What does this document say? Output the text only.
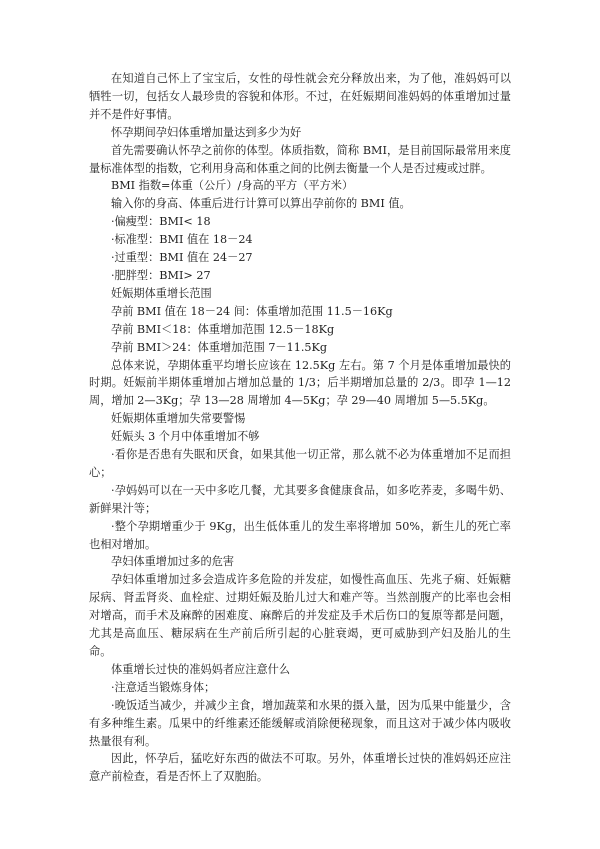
在知道自己怀上了宝宝后，女性的母性就会充分释放出来，为了他，准妈妈可以牺牲一切，包括女人最珍贵的容貌和体形。不过，在妊娠期间准妈妈的体重增加过量并不是件好事情。

怀孕期间孕妇体重增加量达到多少为好

首先需要确认怀孕之前你的体型。体质指数，简称 BMI，是目前国际最常用来度量标准体型的指数，它利用身高和体重之间的比例去衡量一个人是否过瘦或过胖。

BMI 指数=体重（公斤）/身高的平方（平方米）

输入你的身高、体重后进行计算可以算出孕前你的 BMI 值。

·偏瘦型：BMI< 18

·标准型：BMI 值在 18－24

·过重型：BMI 值在 24－27

·肥胖型：BMI> 27

妊娠期体重增长范围

孕前 BMI 值在 18－24 间：体重增加范围 11.5－16Kg

孕前 BMI＜18：体重增加范围 12.5－18Kg

孕前 BMI＞24：体重增加范围 7－11.5Kg

总体来说，孕期体重平均增长应该在 12.5Kg 左右。第 7 个月是体重增加最快的时期。妊娠前半期体重增加占增加总量的 1/3；后半期增加总量的 2/3。即孕 1—12 周，增加 2—3Kg；孕 13—28 周增加 4—5Kg；孕 29—40 周增加 5—5.5Kg。

妊娠期体重增加失常要警惕

妊娠头 3 个月中体重增加不够

·看你是否患有失眠和厌食，如果其他一切正常，那么就不必为体重增加不足而担心；

·孕妈妈可以在一天中多吃几餐，尤其要多食健康食品，如多吃荞麦，多喝牛奶、新鲜果汁等；

·整个孕期增重少于 9Kg，出生低体重儿的发生率将增加 50%，新生儿的死亡率也相对增加。

孕妇体重增加过多的危害

孕妇体重增加过多会造成许多危险的并发症，如慢性高血压、先兆子痫、妊娠糖尿病、肾盂肾炎、血栓症、过期妊娠及胎儿过大和难产等。当然剖腹产的比率也会相对增高，而手术及麻醉的困难度、麻醉后的并发症及手术后伤口的复原等都是问题，尤其是高血压、糖尿病在生产前后所引起的心脏衰竭，更可威胁到产妇及胎儿的生命。

体重增长过快的准妈妈者应注意什么

·注意适当锻炼身体；

·晚饭适当减少，并减少主食，增加蔬菜和水果的摄入量，因为瓜果中能量少，含有多种维生素。瓜果中的纤维素还能缓解或消除便秘现象，而且这对于减少体内吸收热量很有利。

因此，怀孕后，猛吃好东西的做法不可取。另外，体重增长过快的准妈妈还应注意产前检查，看是否怀上了双胞胎。
